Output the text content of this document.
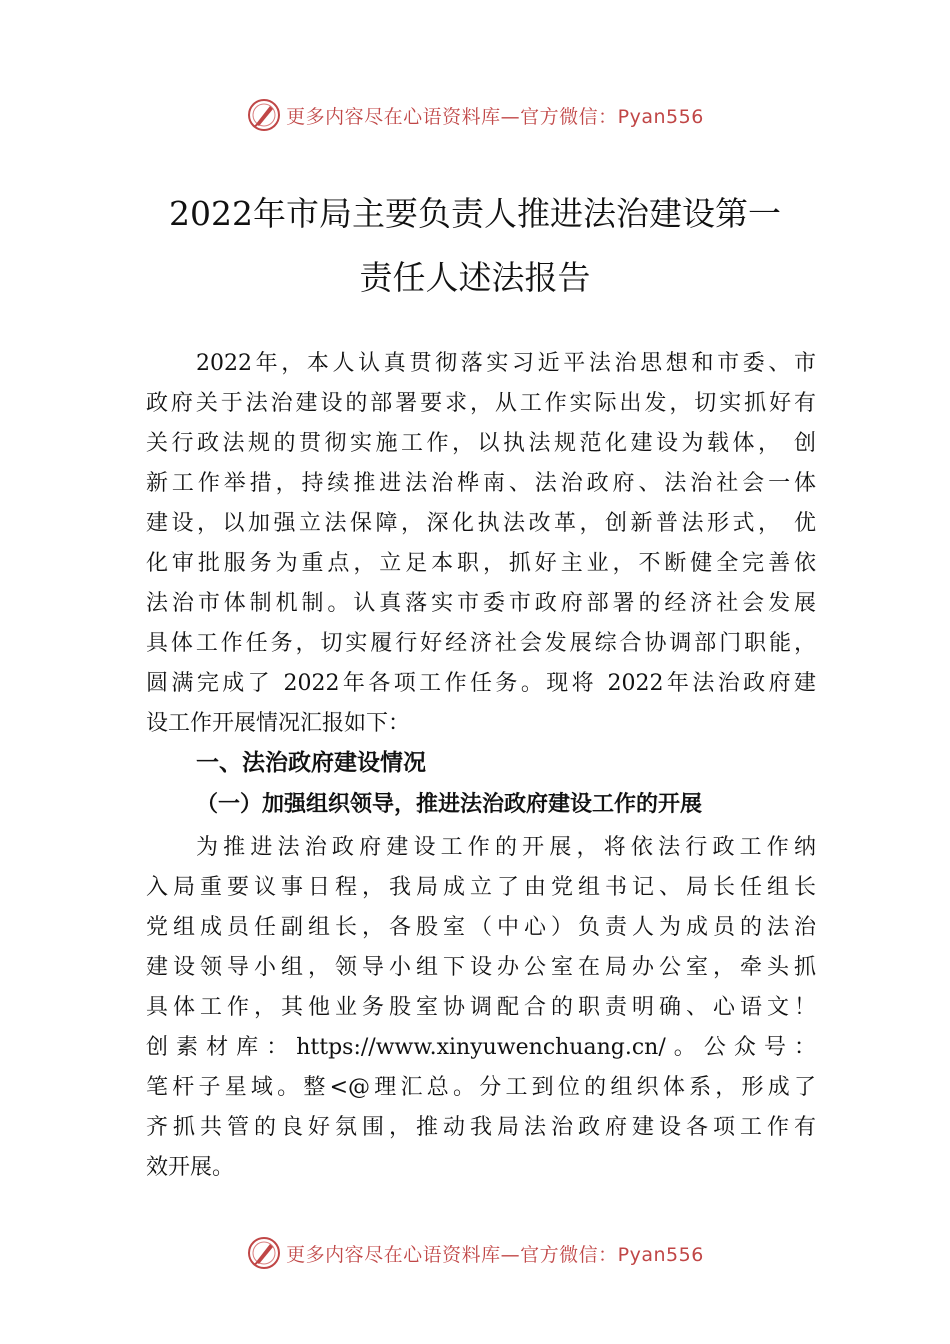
更多内容尽在心语资料库—官方微信：Pyan556
2022年市局主要负责人推进法治建设第一
责任人述法报告
2022年，本人认真贯彻落实习近平法治思想和市委、市
政府关于法治建设的部署要求，从工作实际出发，切实抓好有
关行政法规的贯彻实施工作，以执法规范化建设为载体， 创
新工作举措，持续推进法治桦南、法治政府、法治社会一体
建设，以加强立法保障，深化执法改革，创新普法形式， 优
化审批服务为重点，立足本职，抓好主业，不断健全完善依
法治市体制机制。认真落实市委市政府部署的经济社会发展
具体工作任务，切实履行好经济社会发展综合协调部门职能，
圆满完成了 2022年各项工作任务。现将 2022年法治政府建
设工作开展情况汇报如下：
一、法治政府建设情况
（一）加强组织领导，推进法治政府建设工作的开展
为推进法治政府建设工作的开展，将依法行政工作纳
入局重要议事日程，我局成立了由党组书记、局长任组长
党组成员任副组长，各股室（中心）负责人为成员的法治
建设领导小组，领导小组下设办公室在局办公室，牵头抓
具体工作，其他业务股室协调配合的职责明确、心语文！
创素材库：https://www.xinyuwenchuang.cn/。公众号：
笔杆子星域。整<@理汇总。分工到位的组织体系，形成了
齐抓共管的良好氛围，推动我局法治政府建设各项工作有
效开展。
更多内容尽在心语资料库—官方微信：Pyan556
